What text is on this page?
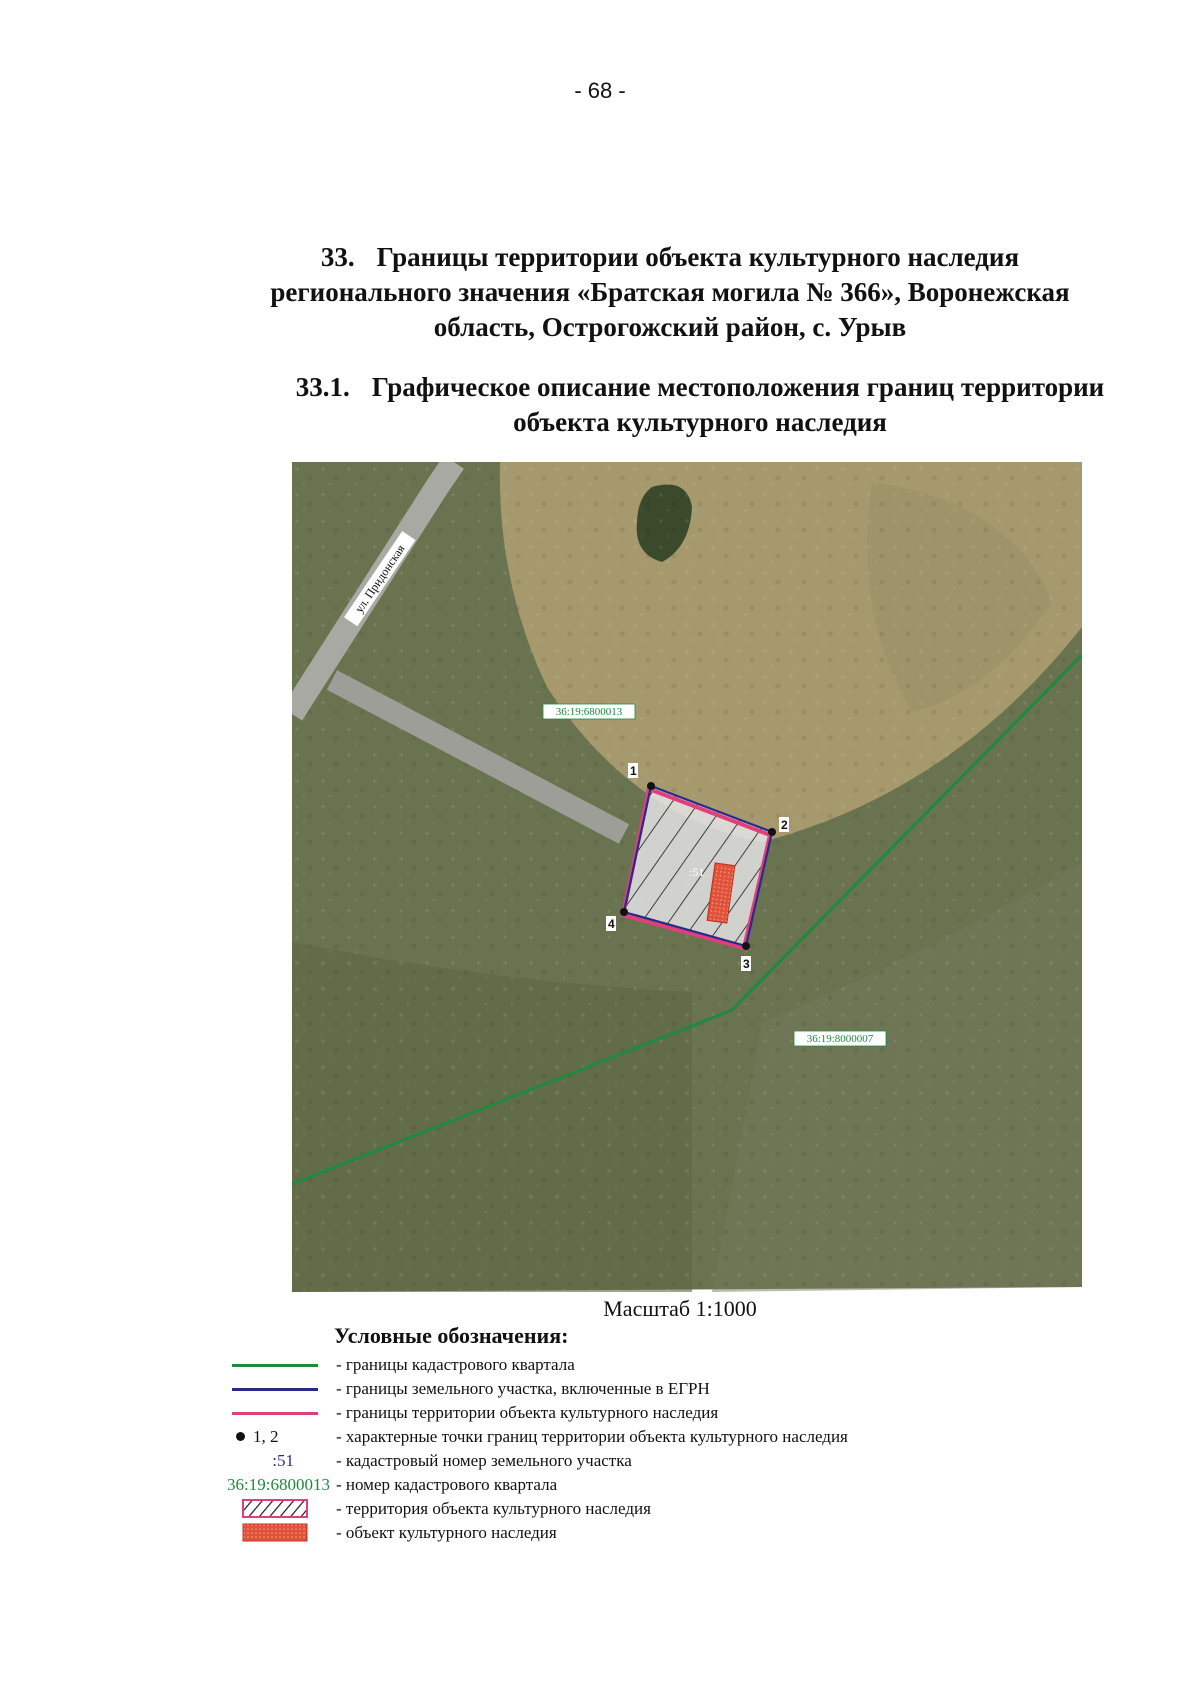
- 68 -
33. Границы территории объекта культурного наследия
регионального значения «Братская могила № 366», Воронежская
область, Острогожский район, с. Урыв
33.1. Графическое описание местоположения границ территории
объекта культурного наследия
:51
1
2
3
4
36:19:6800013
36:19:8000007
ул. Придонская
Масштаб 1:1000
Условные обозначения:
- границы кадастрового квартала
- границы земельного участка, включенные в ЕГРН
- границы территории объекта культурного наследия
1, 2	- характерные точки границ территории объекта культурного наследия
:51 - кадастровый номер земельного участка
36:19:6800013 - номер кадастрового квартала
- территория объекта культурного наследия
- объект культурного наследия
